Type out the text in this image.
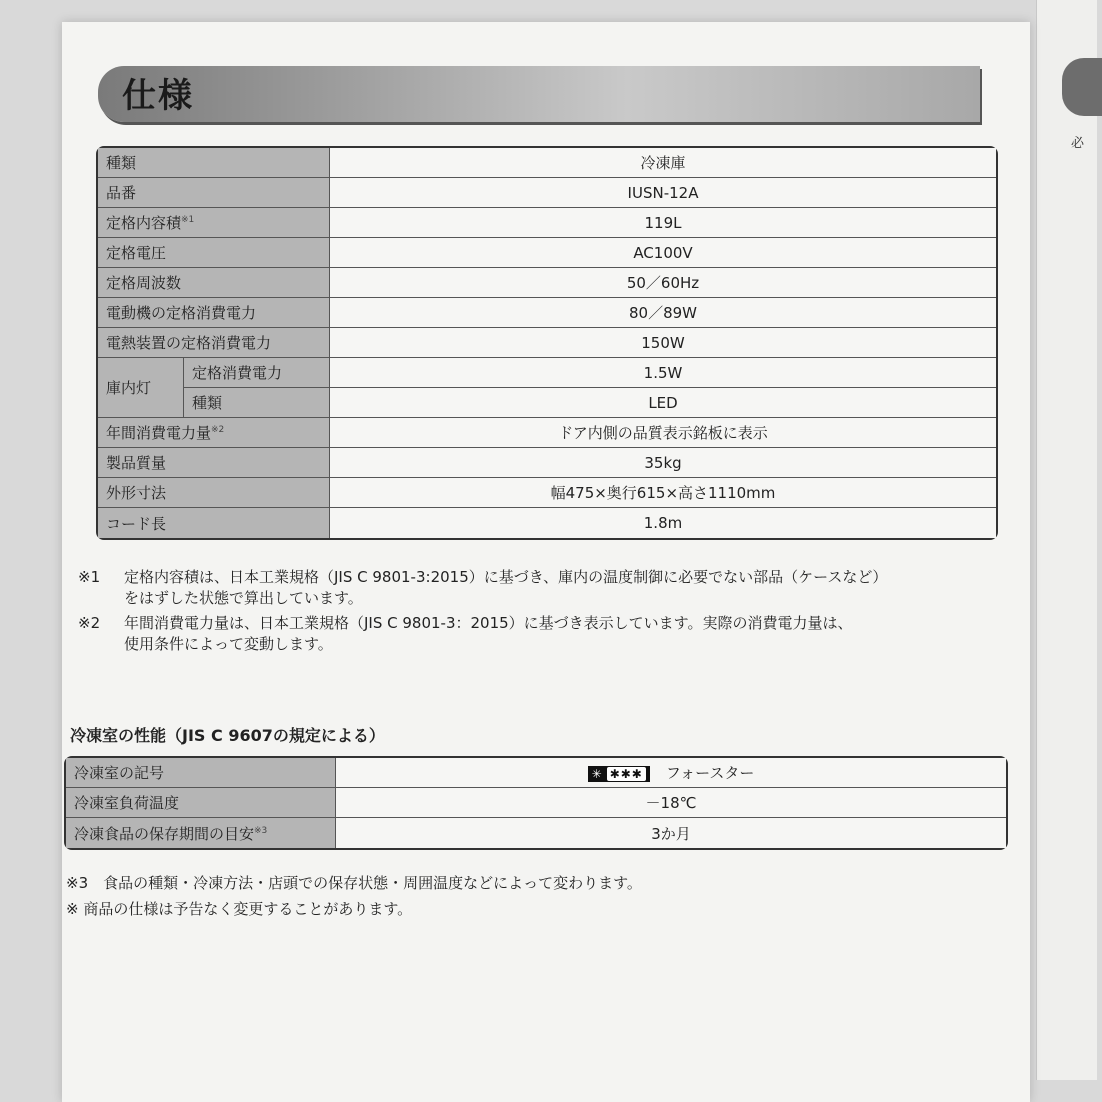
必
仕様
種類		冷凍庫
品番		IUSN-12A
定格内容積$^{※1}$		119L
定格電圧		AC100V
定格周波数		50／60Hz
電動機の定格消費電力		80／89W
電熱装置の定格消費電力		150W
庫内灯	定格消費電力	1.5W
	種類	LED
年間消費電力量$^{※2}$		ドア内側の品質表示銘板に表示
製品質量		35kg
外形寸法		幅475×奥行615×高さ1110mm
コード長		1.8m
※1 定格内容積は、日本工業規格（JIS C 9801-3:2015）に基づき、庫内の温度制御に必要でない部品（ケースなど）
をはずした状態で算出しています。
※2 年間消費電力量は、日本工業規格（JIS C 9801-3：2015）に基づき表示しています。実際の消費電力量は、
使用条件によって変動します。
冷凍室の性能（JIS C 9607の規定による）
冷凍室の記号	✳ ✱✱✱ フォースター
冷凍室負荷温度	－18℃
冷凍食品の保存期間の目安$^{※3}$	3か月
※3　食品の種類・冷凍方法・店頭での保存状態・周囲温度などによって変わります。
※ 商品の仕様は予告なく変更することがあります。
